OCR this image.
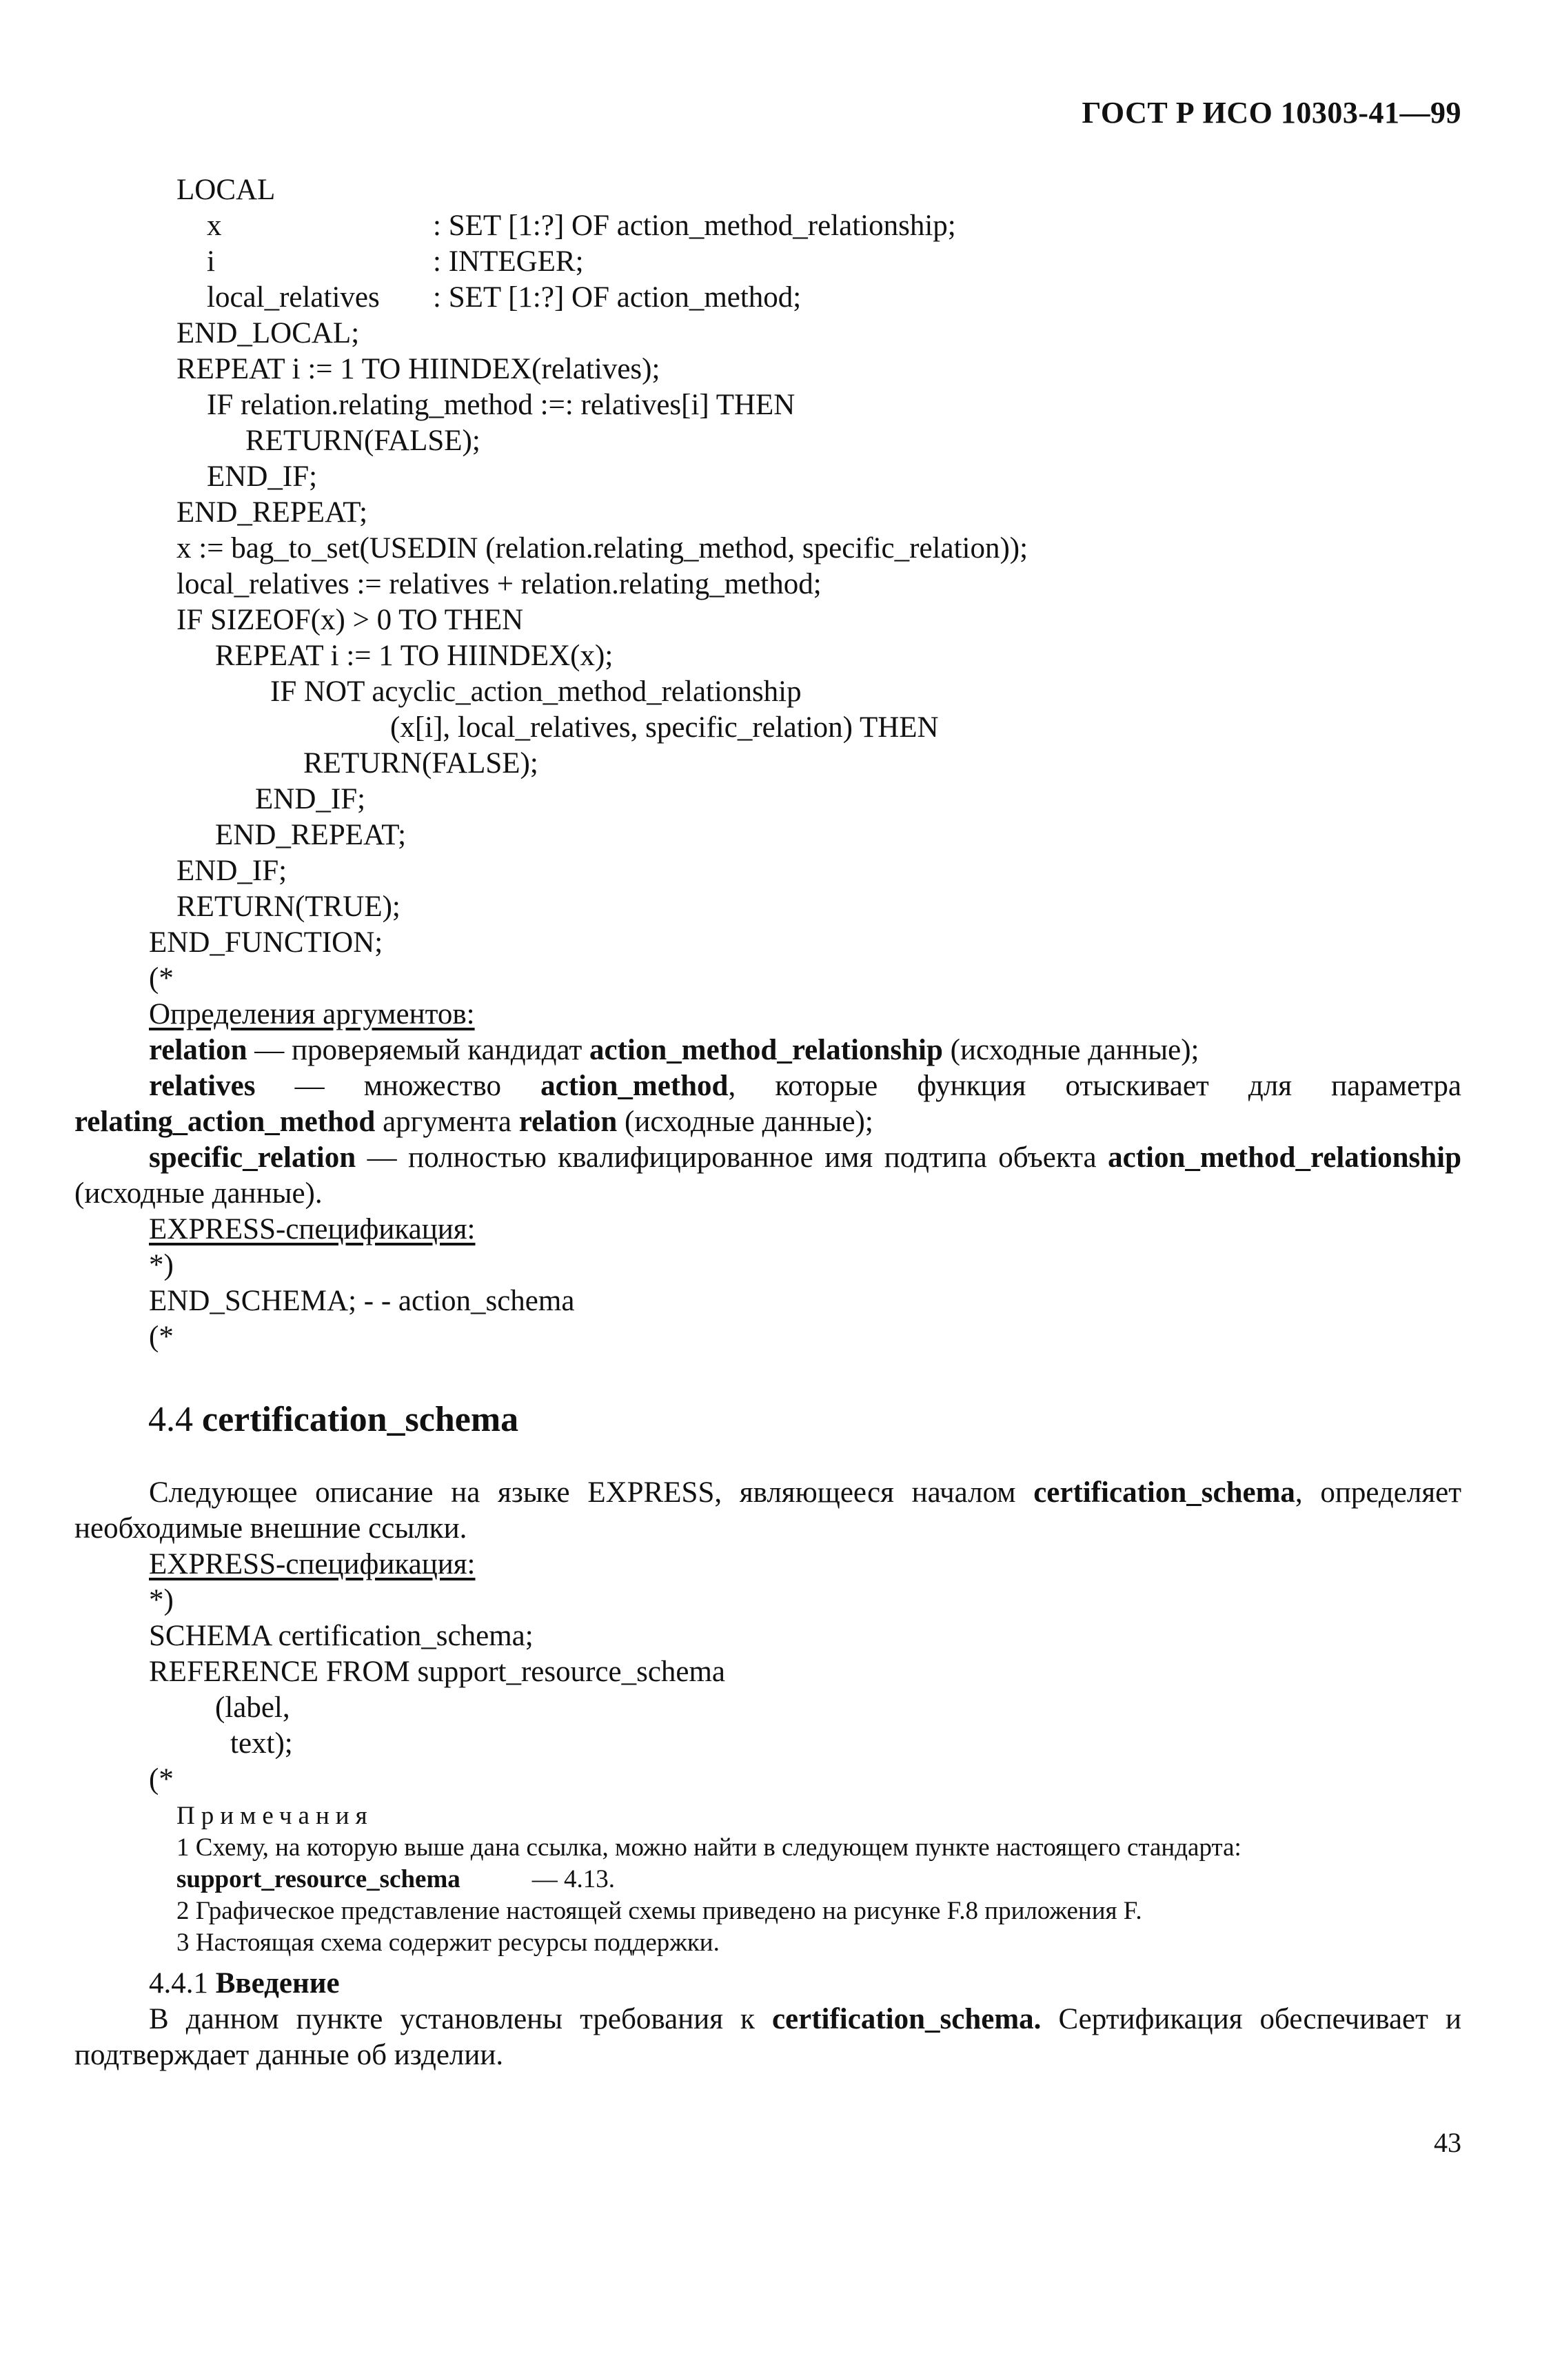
ГОСТ Р ИСО 10303-41—99
LOCAL
x	: SET [1:?] OF action_method_relationship;
i	: INTEGER;
local_relatives : SET [1:?] OF action_method;
END_LOCAL;
REPEAT i := 1 TO HIINDEX(relatives);
IF relation.relating_method :=: relatives[i] THEN
RETURN(FALSE);
END_IF;
END_REPEAT;
x := bag_to_set(USEDIN (relation.relating_method, specific_relation));
local_relatives := relatives + relation.relating_method;
IF SIZEOF(x) > 0 TO THEN
REPEAT i := 1 TO HIINDEX(x);
IF NOT acyclic_action_method_relationship
(x[i], local_relatives, specific_relation) THEN
RETURN(FALSE);
END_IF;
END_REPEAT;
END_IF;
RETURN(TRUE);
END_FUNCTION;
(*
Определения аргументов:
relation — проверяемый кандидат action_method_relationship (исходные данные);
relatives — множество action_method, которые функция отыскивает для параметра relating_action_method аргумента relation (исходные данные);
specific_relation — полностью квалифицированное имя подтипа объекта action_method_relationship (исходные данные).
EXPRESS-спецификация:
*)
END_SCHEMA; - - action_schema
(*
4.4 certification_schema
Следующее описание на языке EXPRESS, являющееся началом certification_schema, определяет необходимые внешние ссылки.
EXPRESS-спецификация:
*)
SCHEMA certification_schema;
REFERENCE FROM support_resource_schema
(label,
text);
(*
Примечания
1 Схему, на которую выше дана ссылка, можно найти в следующем пункте настоящего стандарта:
support_resource_schema	— 4.13.
2 Графическое представление настоящей схемы приведено на рисунке F.8 приложения F.
3 Настоящая схема содержит ресурсы поддержки.
4.4.1 Введение
В данном пункте установлены требования к certification_schema. Сертификация обеспечивает и подтверждает данные об изделии.
43
